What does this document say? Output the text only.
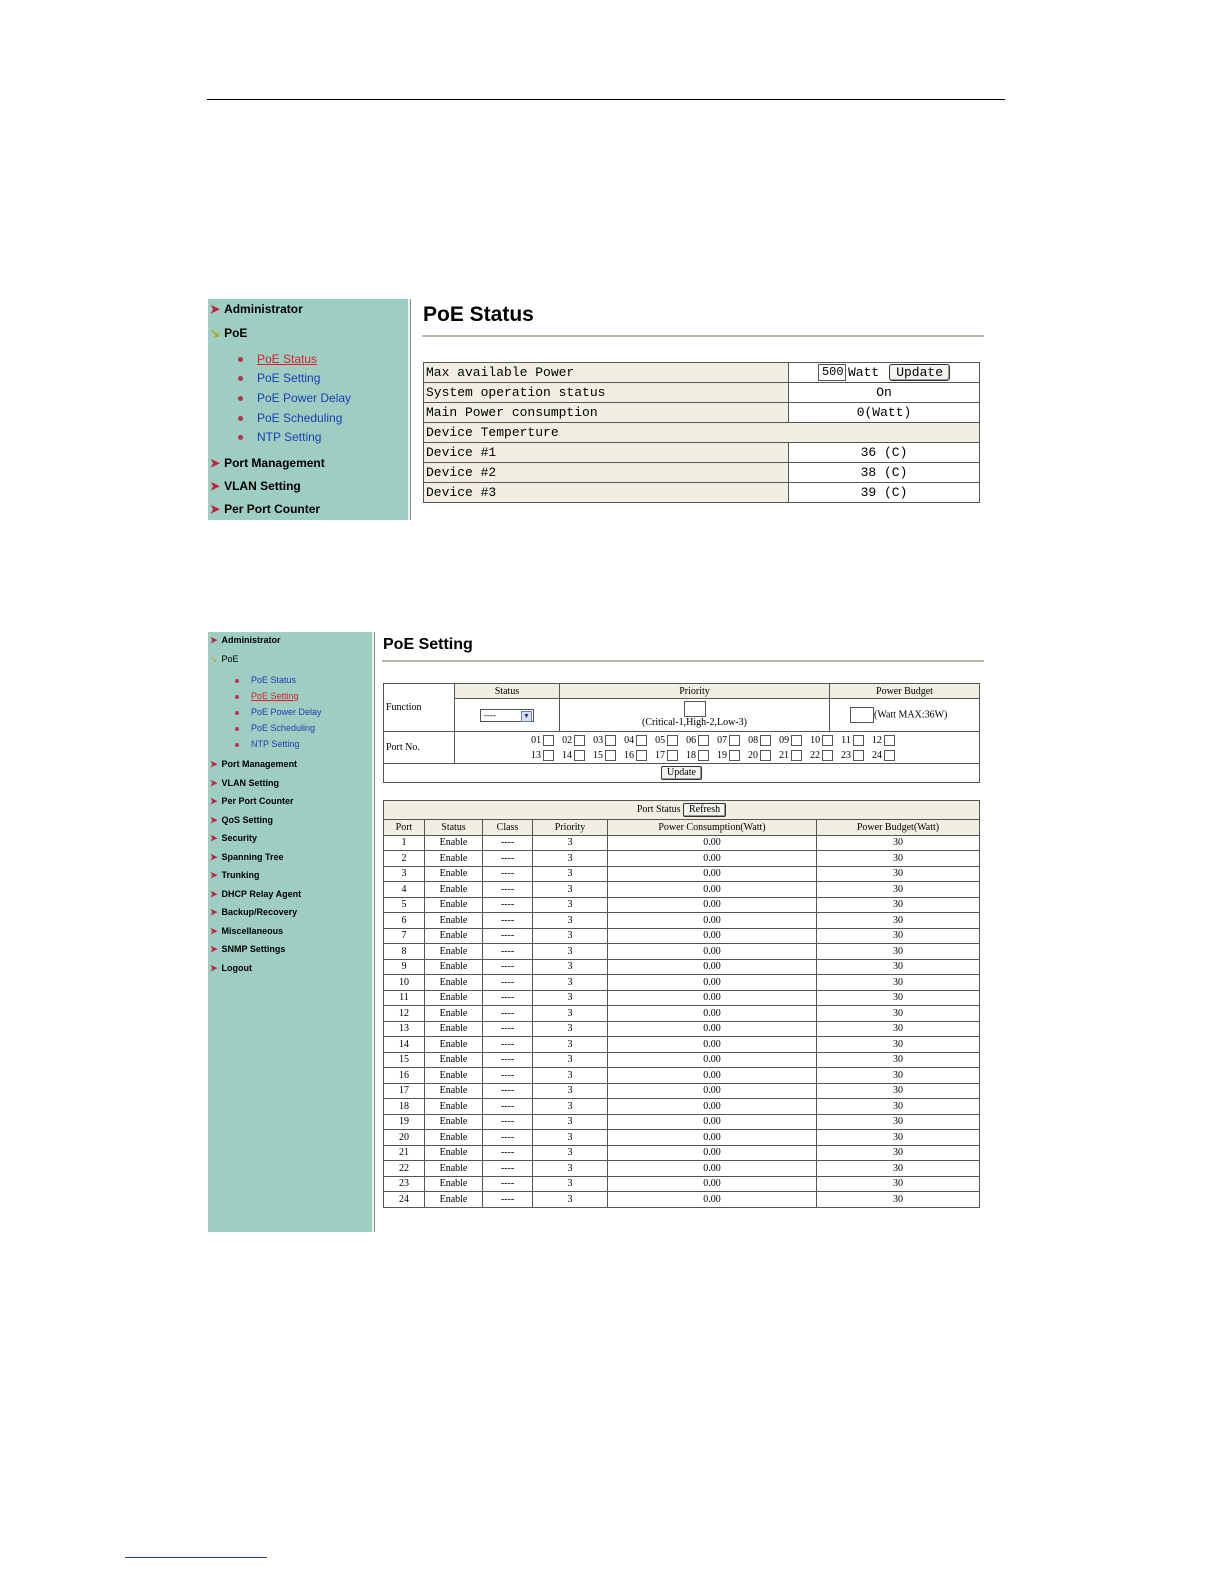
➤ Administrator
↘ PoE
PoE Status
PoE Setting
PoE Power Delay
PoE Scheduling
NTP Setting
➤ Port Management
➤ VLAN Setting
➤ Per Port Counter
PoE Status
Max available Power	500 Watt Update
System operation status	On
Main Power consumption	0(Watt)
Device Temperture	
Device #1	36 (C)
Device #2	38 (C)
Device #3	39 (C)
➤ Administrator
↘ PoE
PoE Status
PoE Setting
PoE Power Delay
PoE Scheduling
NTP Setting
➤ Port Management
➤ VLAN Setting
➤ Per Port Counter
➤ QoS Setting
➤ Security
➤ Spanning Tree
➤ Trunking
➤ DHCP Relay Agent
➤ Backup/Recovery
➤ Miscellaneous
➤ SNMP Settings
➤ Logout
PoE Setting
Function	Status	Priority	Power Budget
	---- ▼	(Critical-1,High-2,Low-3)	(Watt MAX:36W)
Port No.	01 02 03 04 05 06 07 08 09 10 11 12
13 14 15 16 17 18 19 20 21 22 23 24		

Update			
Port Status Refresh					
Port	Status	Class	Priority	Power Consumption(Watt)	Power Budget(Watt)
1	Enable	----	3	0.00	30
2	Enable	----	3	0.00	30
3	Enable	----	3	0.00	30
4	Enable	----	3	0.00	30
5	Enable	----	3	0.00	30
6	Enable	----	3	0.00	30
7	Enable	----	3	0.00	30
8	Enable	----	3	0.00	30
9	Enable	----	3	0.00	30
10	Enable	----	3	0.00	30
11	Enable	----	3	0.00	30
12	Enable	----	3	0.00	30
13	Enable	----	3	0.00	30
14	Enable	----	3	0.00	30
15	Enable	----	3	0.00	30
16	Enable	----	3	0.00	30
17	Enable	----	3	0.00	30
18	Enable	----	3	0.00	30
19	Enable	----	3	0.00	30
20	Enable	----	3	0.00	30
21	Enable	----	3	0.00	30
22	Enable	----	3	0.00	30
23	Enable	----	3	0.00	30
24	Enable	----	3	0.00	30
